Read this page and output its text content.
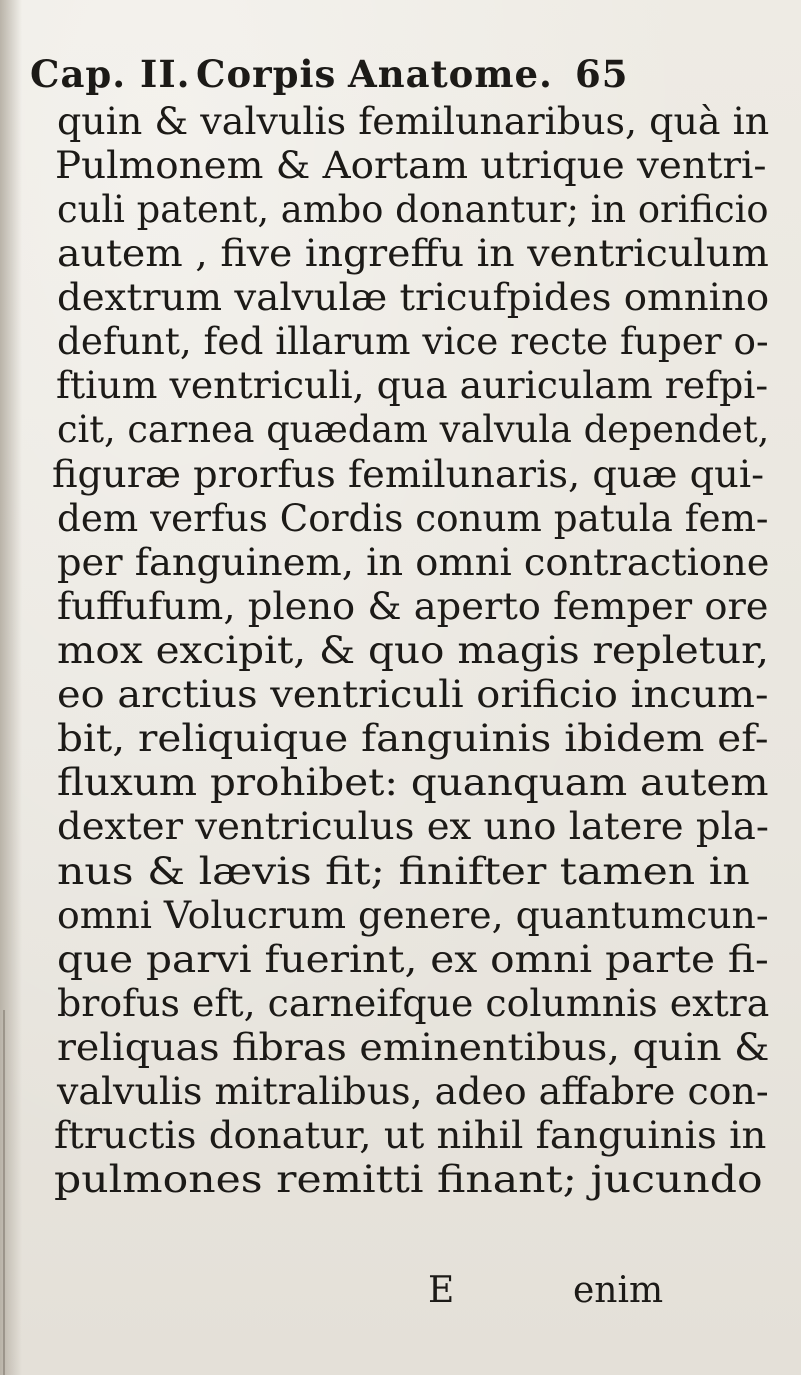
Cap. II. Corpis Anatome. 65
quin & valvulis femilunaribus, quà in
Pulmonem & Aortam utrique ventri-
culi patent, ambo donantur; in orificio
autem , five ingreffu in ventriculum
dextrum valvulæ tricufpides omnino
defunt, fed illarum vice recte fuper o-
ftium ventriculi, qua auriculam refpi-
cit, carnea quædam valvula dependet,
figuræ prorfus femilunaris, quæ qui-
dem verfus Cordis conum patula fem-
per fanguinem, in omni contractione
fuffufum, pleno & aperto femper ore
mox excipit, & quo magis repletur,
eo arctius ventriculi orificio incum-
bit, reliquique fanguinis ibidem ef-
fluxum prohibet: quanquam autem
dexter ventriculus ex uno latere pla-
nus & lævis fit; finifter tamen in
omni Volucrum genere, quantumcun-
que parvi fuerint, ex omni parte fi-
brofus eft, carneifque columnis extra
reliquas fibras eminentibus, quin &
valvulis mitralibus, adeo affabre con-
ftructis donatur, ut nihil fanguinis in
pulmones remitti finant; jucundo
E	enim
